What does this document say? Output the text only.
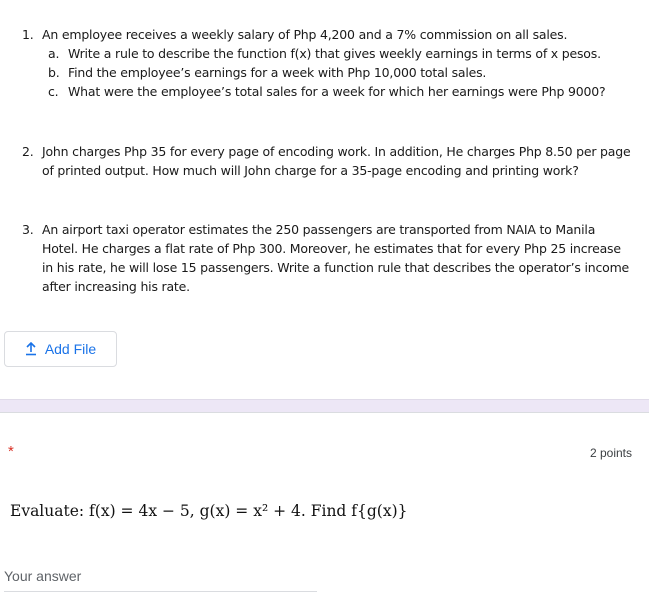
1. An employee receives a weekly salary of Php 4,200 and a 7% commission on all sales.
a. Write a rule to describe the function f(x) that gives weekly earnings in terms of x pesos.
b. Find the employee’s earnings for a week with Php 10,000 total sales.
c. What were the employee’s total sales for a week for which her earnings were Php 9000?
2. John charges Php 35 for every page of encoding work. In addition, He charges Php 8.50 per page
of printed output. How much will John charge for a 35-page encoding and printing work?
3. An airport taxi operator estimates the 250 passengers are transported from NAIA to Manila
Hotel. He charges a flat rate of Php 300. Moreover, he estimates that for every Php 25 increase
in his rate, he will lose 15 passengers. Write a function rule that describes the operator’s income
after increasing his rate.
Add File
*	2 points
Evaluate: f(x) = 4x − 5, g(x) = x² + 4. Find f{g(x)}
Your answer
